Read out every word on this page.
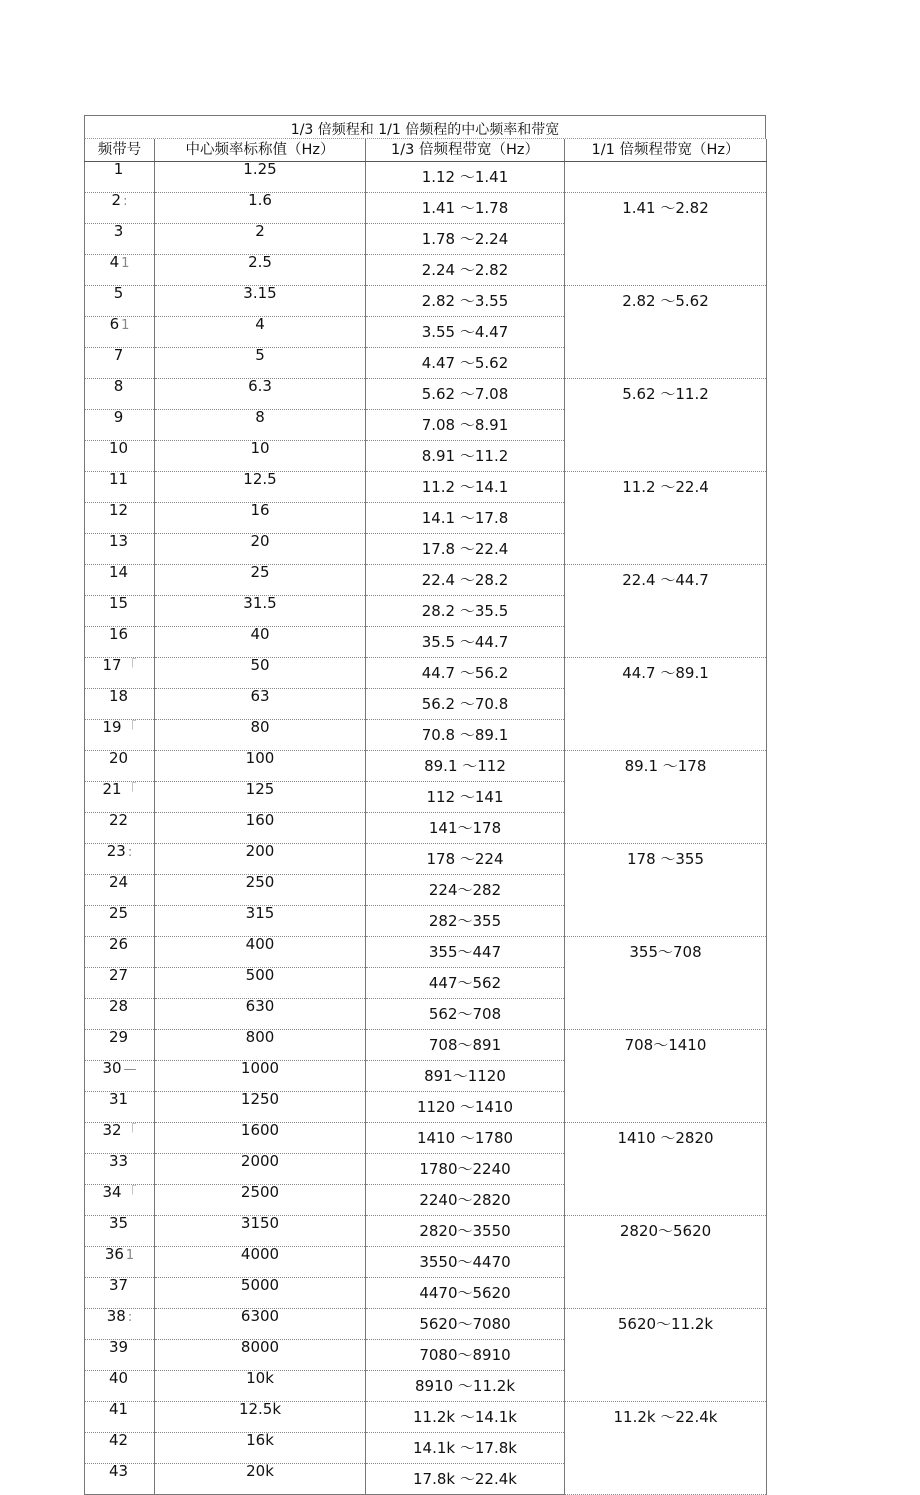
1/3 倍频程和 1/1 倍频程的中心频率和带宽
频带号	中心频率标称值（Hz）	1/3 倍频程带宽（Hz）	1/1 倍频程带宽（Hz）
1	1.25	1.12 ～1.41	
2 :	1.6	1.41 ～1.78	1.41 ～2.82
3	2	1.78 ～2.24	
4 1	2.5	2.24 ～2.82	
5	3.15	2.82 ～3.55	2.82 ～5.62
6 1	4	3.55 ～4.47	
7	5	4.47 ～5.62	
8	6.3	5.62 ～7.08	5.62 ～11.2
9	8	7.08 ～8.91	
10	10	8.91 ～11.2	
11	12.5	11.2 ～14.1	11.2 ～22.4
12	16	14.1 ～17.8	
13	20	17.8 ～22.4	
14	25	22.4 ～28.2	22.4 ～44.7
15	31.5	28.2 ～35.5	
16	40	35.5 ～44.7	
17 「	50	44.7 ～56.2	44.7 ～89.1
18	63	56.2 ～70.8	
19 「	80	70.8 ～89.1	
20	100	89.1 ～112	89.1 ～178
21 「	125	112 ～141	
22	160	141～178	
23 :	200	178 ～224	178 ～355
24	250	224～282	
25	315	282～355	
26	400	355～447	355～708
27	500	447～562	
28	630	562～708	
29	800	708～891	708～1410
30 —	1000	891～1120	
31	1250	1120 ～1410	
32 「	1600	1410 ～1780	1410 ～2820
33	2000	1780～2240	
34 「	2500	2240～2820	
35	3150	2820～3550	2820～5620
36 1	4000	3550～4470	
37	5000	4470～5620	
38 :	6300	5620～7080	5620～11.2k
39	8000	7080～8910	
40	10k	8910 ～11.2k	
41	12.5k	11.2k ～14.1k	11.2k ～22.4k
42	16k	14.1k ～17.8k	
43	20k	17.8k ～22.4k	
